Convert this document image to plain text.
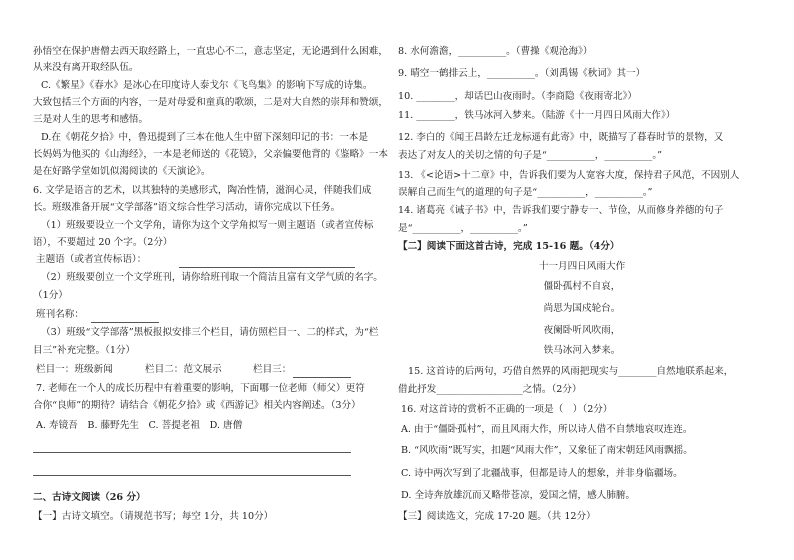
孙悟空在保护唐僧去西天取经路上，一直忠心不二，意志坚定，无论遇到什么困难，
从来没有离开取经队伍。
C.《繁星》《春水》是冰心在印度诗人泰戈尔《飞鸟集》的影响下写成的诗集。
大致包括三个方面的内容，一是对母爱和童真的歌颂，二是对大自然的崇拜和赞颂，
三是对人生的思考和感悟。
D.在《朝花夕拾》中，鲁迅提到了三本在他人生中留下深刻印记的书：一本是
长妈妈为他买的《山海经》，一本是老师送的《花镜》，父亲偏要他背的《鉴略》一本
是在好路学堂如饥似渴阅读的《天演论》。
6. 文学是语言的艺术，以其独特的美感形式，陶冶性情，滋润心灵，伴随我们成
长。班级准备开展“文学部落”语文综合性学习活动，请你完成以下任务。
（1）班级要设立一个文学角，请你为这个文学角拟写一则主题语（或者宣传标
语），不要超过 20 个字。（2分）
主题语（或者宣传标语）：
（2）班级要创立一个文学班刊，请你给班刊取一个简洁且富有文学气质的名字。
（1分）
班刊名称：
（3）班级“文学部落”黑板报拟安排三个栏目，请仿照栏目一、二的样式，为“栏
目三”补充完整。（1分）
栏目一：班级新闻	栏目二：范文展示	栏目三：
7. 老师在一个人的成长历程中有着重要的影响，下面哪一位老师（师父）更符
合你“良师”的期待？请结合《朝花夕拾》或《西游记》相关内容阐述。（3分）
A. 寿镜吾　B. 藤野先生　C. 菩提老祖　D. 唐僧
二、古诗文阅读（26 分）
【一】古诗文填空。（请规范书写；每空 1分，共 10分）
8. 水何澹澹，__________。（曹操《观沧海》）
9. 晴空一鹤排云上，__________。（刘禹锡《秋词》其一）
10. ________，却话巴山夜雨时。（李商隐《夜雨寄北》）
11. ________，铁马冰河入梦来。（陆游《十一月四日风雨大作》）
12. 李白的《闻王昌龄左迁龙标遥有此寄》中，既描写了暮春时节的景物，又
表达了对友人的关切之情的句子是“__________，__________。”
13. 《<论语>十二章》中，告诉我们要为人宽容大度，保持君子风范，不因别人
误解自己而生气的道理的句子是“__________，__________。”
14. 诸葛亮《诫子书》中，告诉我们要宁静专一、节俭，从而修身养德的句子
是“__________，__________。”
【二】阅读下面这首古诗，完成 15-16 题。（4分）
十一月四日风雨大作
僵卧孤村不自哀，
尚思为国戍轮台。
夜阑卧听风吹雨，
铁马冰河入梦来。
15. 这首诗的后两句，巧借自然界的风雨把现实与________自然地联系起来，
借此抒发__________________之情。（2分）
16. 对这首诗的赏析不正确的一项是（　）（2分）
A. 由于“僵卧孤村”，而且风雨大作，所以诗人借不自禁地哀叹连连。
B. “风吹雨”既写实，扣题“风雨大作”，又象征了南宋朝廷风雨飘摇。
C. 诗中两次写到了北疆战事，但都是诗人的想象，并非身临疆场。
D. 全诗奔放雄沉而又略带苍凉，爱国之情，感人肺腑。
【三】阅读选文，完成 17-20 题。（共 12分）
